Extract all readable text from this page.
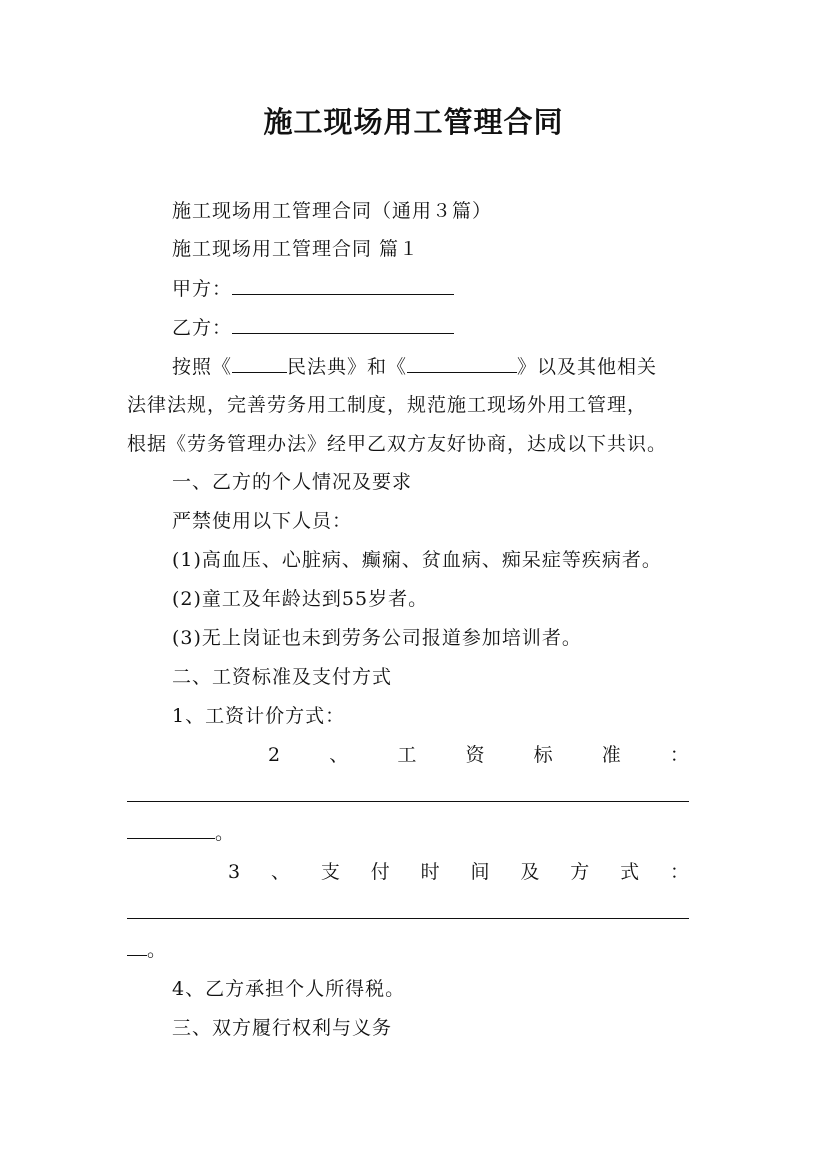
施工现场用工管理合同
施工现场用工管理合同（通用３篇）
施工现场用工管理合同 篇１
甲方：
乙方：
按照《	民法典》和《	》以及其他相关
法律法规，完善劳务用工制度，规范施工现场外用工管理，
根据《劳务管理办法》经甲乙双方友好协商，达成以下共识。
一、乙方的个人情况及要求
严禁使用以下人员：
(1)高血压、心脏病、癫痫、贫血病、痴呆症等疾病者。
(2)童工及年龄达到55岁者。
(3)无上岗证也未到劳务公司报道参加培训者。
二、工资标准及支付方式
1、工资计价方式：
2	、	工	资	标	准	：
。
3 、 支 付 时 间 及 方 式 ：
。
4、乙方承担个人所得税。
三、双方履行权利与义务
